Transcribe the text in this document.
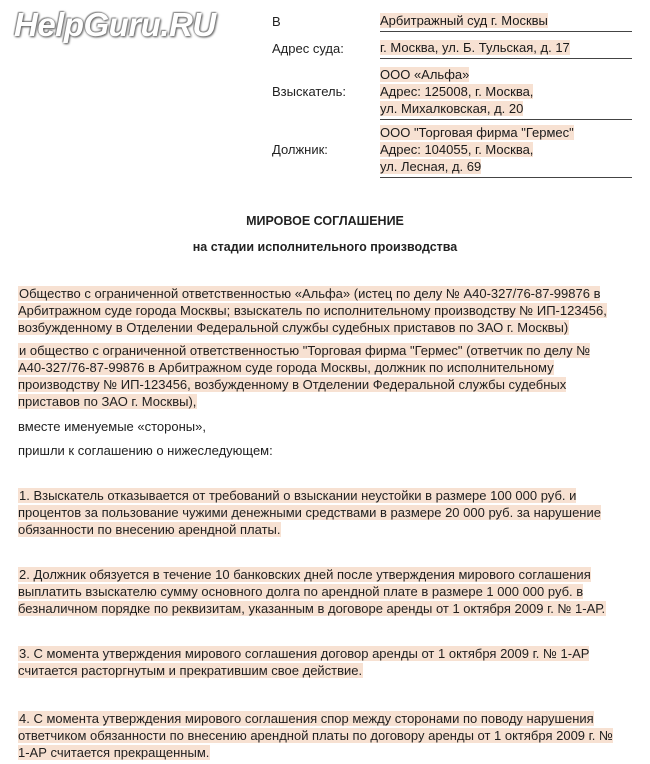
HelpGuru.RU	В	Арбитражный суд г. Москвы
Адрес суда:	г. Москва, ул. Б. Тульская, д. 17
Взыскатель:
ООО «Альфа»
Адрес: 125008, г. Москва,
ул. Михалковская, д. 20
Должник:
ООО "Торговая фирма "Гермес"
Адрес: 104055, г. Москва,
ул. Лесная, д. 69
МИРОВОЕ СОГЛАШЕНИЕ
на стадии исполнительного производства
Общество с ограниченной ответственностью «Альфа» (истец по делу № А40-327/76-87-99876 в Арбитражном суде города Москвы; взыскатель по исполнительному производству № ИП-123456, возбужденному в Отделении Федеральной службы судебных приставов по ЗАО г. Москвы)
и общество с ограниченной ответственностью "Торговая фирма "Гермес" (ответчик по делу № А40-327/76-87-99876 в Арбитражном суде города Москвы, должник по исполнительному производству № ИП-123456, возбужденному в Отделении Федеральной службы судебных приставов по ЗАО г. Москвы),
вместе именуемые «стороны»,
пришли к соглашению о нижеследующем:
1. Взыскатель отказывается от требований о взыскании неустойки в размере 100 000 руб. и процентов за пользование чужими денежными средствами в размере 20 000 руб. за нарушение обязанности по внесению арендной платы.
2. Должник обязуется в течение 10 банковских дней после утверждения мирового соглашения выплатить взыскателю сумму основного долга по арендной плате в размере 1 000 000 руб. в безналичном порядке по реквизитам, указанным в договоре аренды от 1 октября 2009 г. № 1-АР.
3. С момента утверждения мирового соглашения договор аренды от 1 октября 2009 г. № 1-АР считается расторгнутым и прекратившим свое действие.
4. С момента утверждения мирового соглашения спор между сторонами по поводу нарушения ответчиком обязанности по внесению арендной платы по договору аренды от 1 октября 2009 г. № 1-АР считается прекращенным.
